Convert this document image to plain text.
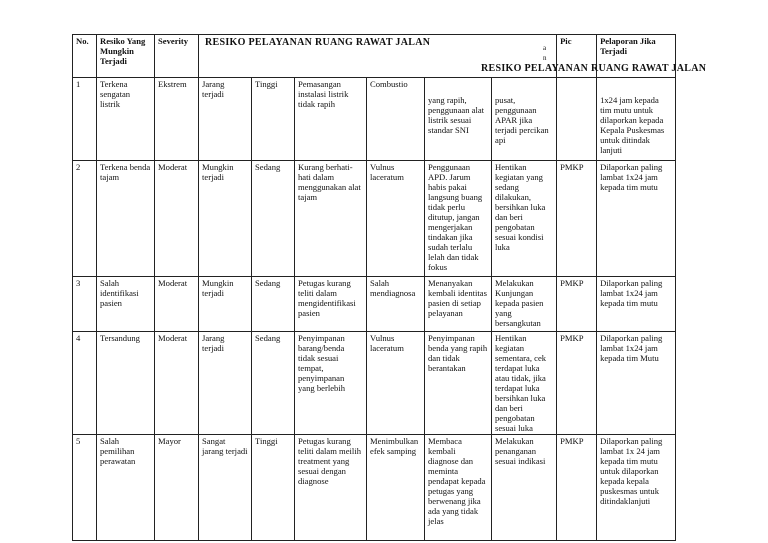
No.	Resiko Yang Mungkin Terjadi	Severity	RESIKO PELAYANAN RUANG RAWAT JALAN						Pic	Pelaporan Jika Terjadi
1	Terkena sengatan listrik	Ekstrem	Jarang terjadi	Tinggi	Pemasangan instalasi listrik tidak rapih	Combustio	yang rapih, penggunaan alat listrik sesuai standar SNI	pusat, penggunaan APAR jika terjadi percikan api		1x24 jam kepada tim mutu untuk dilaporkan kepada Kepala Puskesmas untuk ditindak lanjuti

2	Terkena benda tajam	Moderat	Mungkin terjadi	Sedang	Kurang berhati-hati dalam menggunakan alat tajam	Vulnus laceratum	Penggunaan APD. Jarum habis pakai langsung buang tidak perlu ditutup, jangan mengerjakan tindakan jika sudah terlalu lelah dan tidak fokus	Hentikan kegiatan yang sedang dilakukan, bersihkan luka dan beri pengobatan sesuai kondisi luka	PMKP	Dilaporkan paling lambat 1x24 jam kepada tim mutu
3	Salah identifikasi pasien	Moderat	Mungkin terjadi	Sedang	Petugas kurang teliti dalam mengidentifikasi pasien	Salah mendiagnosa	Menanyakan kembali identitas pasien di setiap pelayanan	Melakukan Kunjungan kepada pasien yang bersangkutan	PMKP	Dilaporkan paling lambat 1x24 jam kepada tim mutu
4	Tersandung	Moderat	Jarang terjadi	Sedang	Penyimpanan barang/benda tidak sesuai tempat, penyimpanan yang berlebih	Vulnus laceratum	Penyimpanan benda yang rapih dan tidak berantakan	Hentikan kegiatan sementara, cek terdapat luka atau tidak, jika terdapat luka bersihkan luka dan beri pengobatan sesuai luka	PMKP	Dilaporkan paling lambat 1x24 jam kepada tim Mutu
5	Salah pemilihan perawatan	Mayor	Sangat jarang terjadi	Tinggi	Petugas kurang teliti dalam meilih treatment yang sesuai dengan diagnose	Menimbulkan efek samping	Membaca kembali diagnose dan meminta pendapat kepada petugas yang berwenang jika ada yang tidak jelas	Melakukan penanganan sesuai indikasi	PMKP	Dilaporkan paling lambat 1x 24 jam kepada tim mutu untuk dilaporkan kepada kepala puskesmas untuk ditindaklanjuti
a
n
RESIKO PELAYANAN RUANG RAWAT JALAN
